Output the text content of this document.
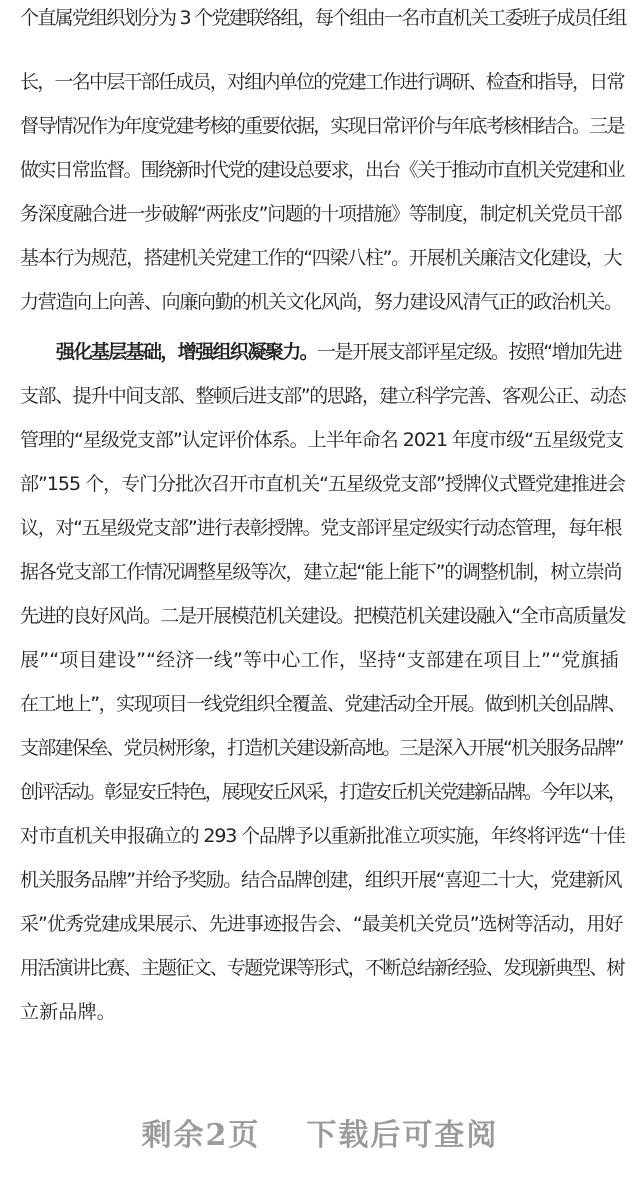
个直属党组织划分为 3 个党建联络组，每个组由一名市直机关工委班子成员任组
长，一名中层干部任成员，对组内单位的党建工作进行调研、检查和指导，日常
督导情况作为年度党建考核的重要依据，实现日常评价与年底考核相结合。三是
做实日常监督。围绕新时代党的建设总要求，出台《关于推动市直机关党建和业
务深度融合进一步破解“两张皮”问题的十项措施》等制度，制定机关党员干部
基本行为规范，搭建机关党建工作的“四梁八柱”。开展机关廉洁文化建设，大
力营造向上向善、向廉向勤的机关文化风尚，努力建设风清气正的政治机关。
强化基层基础，增强组织凝聚力。一是开展支部评星定级。按照“增加先进
支部、提升中间支部、整顿后进支部”的思路，建立科学完善、客观公正、动态
管理的“星级党支部”认定评价体系。上半年命名 2021 年度市级“五星级党支
部”155 个，专门分批次召开市直机关“五星级党支部”授牌仪式暨党建推进会
议，对“五星级党支部”进行表彰授牌。党支部评星定级实行动态管理，每年根
据各党支部工作情况调整星级等次，建立起“能上能下”的调整机制，树立崇尚
先进的良好风尚。二是开展模范机关建设。把模范机关建设融入“全市高质量发
展”“项目建设”“经济一线”等中心工作，坚持“支部建在项目上”“党旗插
在工地上”，实现项目一线党组织全覆盖、党建活动全开展。做到机关创品牌、
支部建保垒、党员树形象，打造机关建设新高地。三是深入开展“机关服务品牌”
创评活动。彰显安丘特色，展现安丘风采，打造安丘机关党建新品牌。今年以来，
对市直机关申报确立的 293 个品牌予以重新批准立项实施，年终将评选“十佳
机关服务品牌”并给予奖励。结合品牌创建，组织开展“喜迎二十大，党建新风
采”优秀党建成果展示、先进事迹报告会、“最美机关党员”选树等活动，用好
用活演讲比赛、主题征文、专题党课等形式，不断总结新经验、发现新典型、树
立新品牌。
剩余2页 下载后可查阅
